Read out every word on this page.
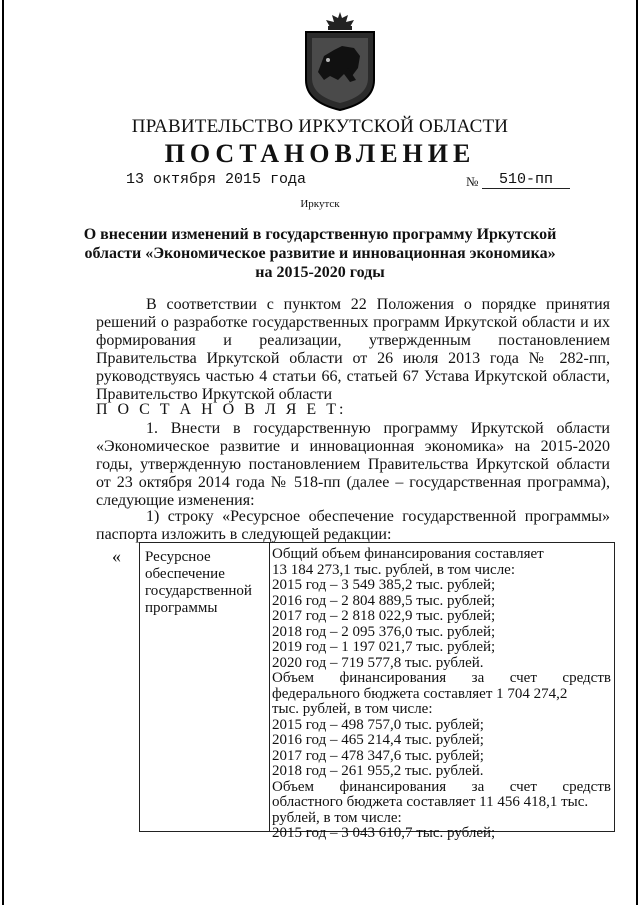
ПРАВИТЕЛЬСТВО ИРКУТСКОЙ ОБЛАСТИ
ПОСТАНОВЛЕНИЕ
13 октября 2015 года	№	510-пп
Иркутск
О внесении изменений в государственную программу Иркутской
области «Экономическое развитие и инновационная экономика»
на 2015-2020 годы
В соответствии с пунктом 22 Положения о порядке принятия решений о разработке государственных программ Иркутской области и их формирования и реализации, утвержденным постановлением Правительства Иркутской области от 26 июля 2013 года № 282-пп, руководствуясь частью 4 статьи 66, статьей 67 Устава Иркутской области, Правительство Иркутской области
П О С Т А Н О В Л Я Е Т:
1. Внести в государственную программу Иркутской области «Экономическое развитие и инновационная экономика» на 2015-2020 годы, утвержденную постановлением Правительства Иркутской области от 23 октября 2014 года № 518-пп (далее – государственная программа), следующие изменения:
1) строку «Ресурсное обеспечение государственной программы» паспорта изложить в следующей редакции:
« Ресурсное
обеспечение
государственной
программы
Общий объем финансирования составляет
13 184 273,1 тыс. рублей, в том числе:
2015 год – 3 549 385,2 тыс. рублей;
2016 год – 2 804 889,5 тыс. рублей;
2017 год – 2 818 022,9 тыс. рублей;
2018 год – 2 095 376,0 тыс. рублей;
2019 год – 1 197 021,7 тыс. рублей;
2020 год – 719 577,8 тыс. рублей.
Объем финансирования за счет средств
федерального бюджета составляет 1 704 274,2
тыс. рублей, в том числе:
2015 год – 498 757,0 тыс. рублей;
2016 год – 465 214,4 тыс. рублей;
2017 год – 478 347,6 тыс. рублей;
2018 год – 261 955,2 тыс. рублей.
Объем финансирования за счет средств
областного бюджета составляет 11 456 418,1 тыс.
рублей, в том числе:
2015 год – 3 043 610,7 тыс. рублей;
